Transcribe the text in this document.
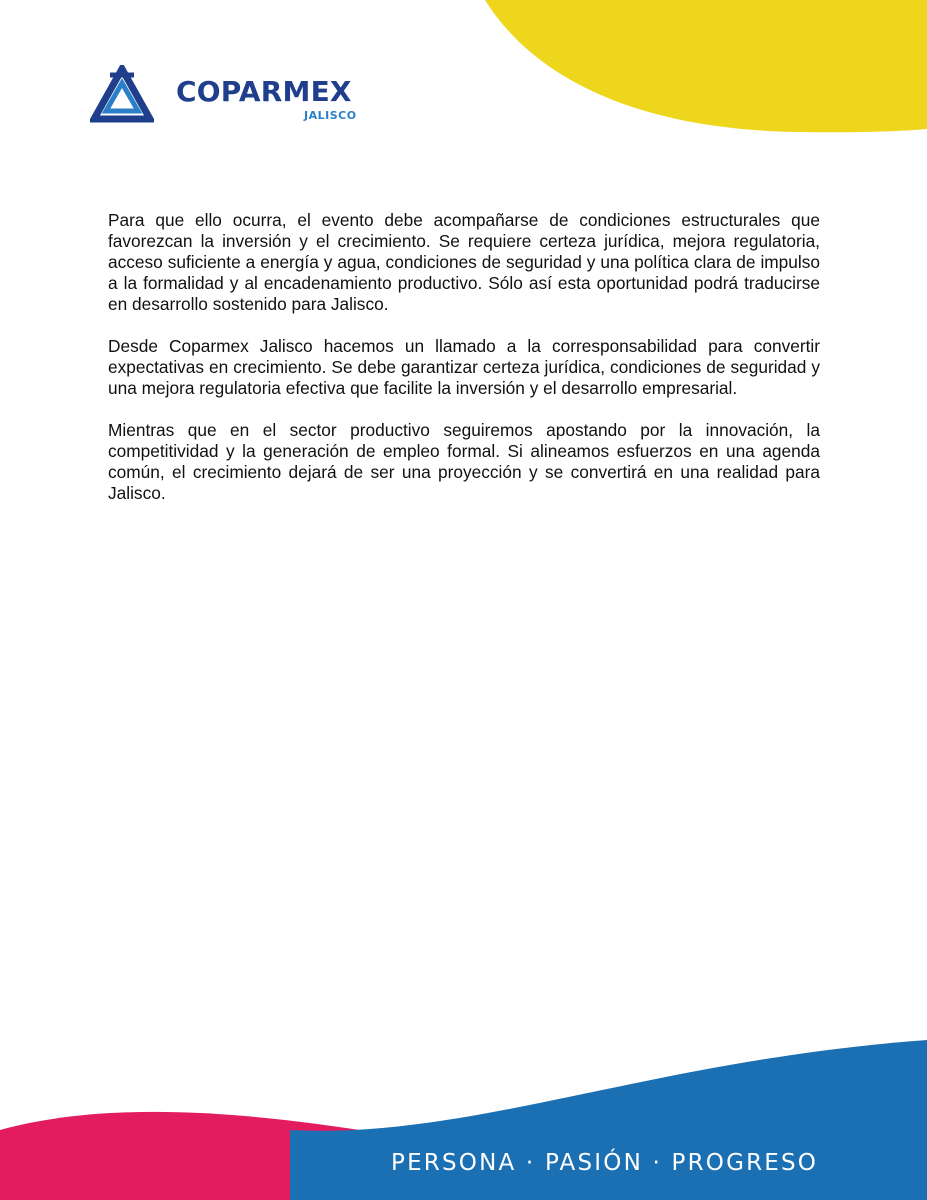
COPARMEX
JALISCO

Para que ello ocurra, el evento debe acompañarse de condiciones estructurales que favorezcan la inversión y el crecimiento. Se requiere certeza jurídica, mejora regulatoria, acceso suficiente a energía y agua, condiciones de seguridad y una política clara de impulso a la formalidad y al encadenamiento productivo. Sólo así esta oportunidad podrá traducirse en desarrollo sostenido para Jalisco.

Desde Coparmex Jalisco hacemos un llamado a la corresponsabilidad para convertir expectativas en crecimiento. Se debe garantizar certeza jurídica, condiciones de seguridad y una mejora regulatoria efectiva que facilite la inversión y el desarrollo empresarial.

Mientras que en el sector productivo seguiremos apostando por la innovación, la competitividad y la generación de empleo formal. Si alineamos esfuerzos en una agenda común, el crecimiento dejará de ser una proyección y se convertirá en una realidad para Jalisco.

PERSONA · PASIÓN · PROGRESO
